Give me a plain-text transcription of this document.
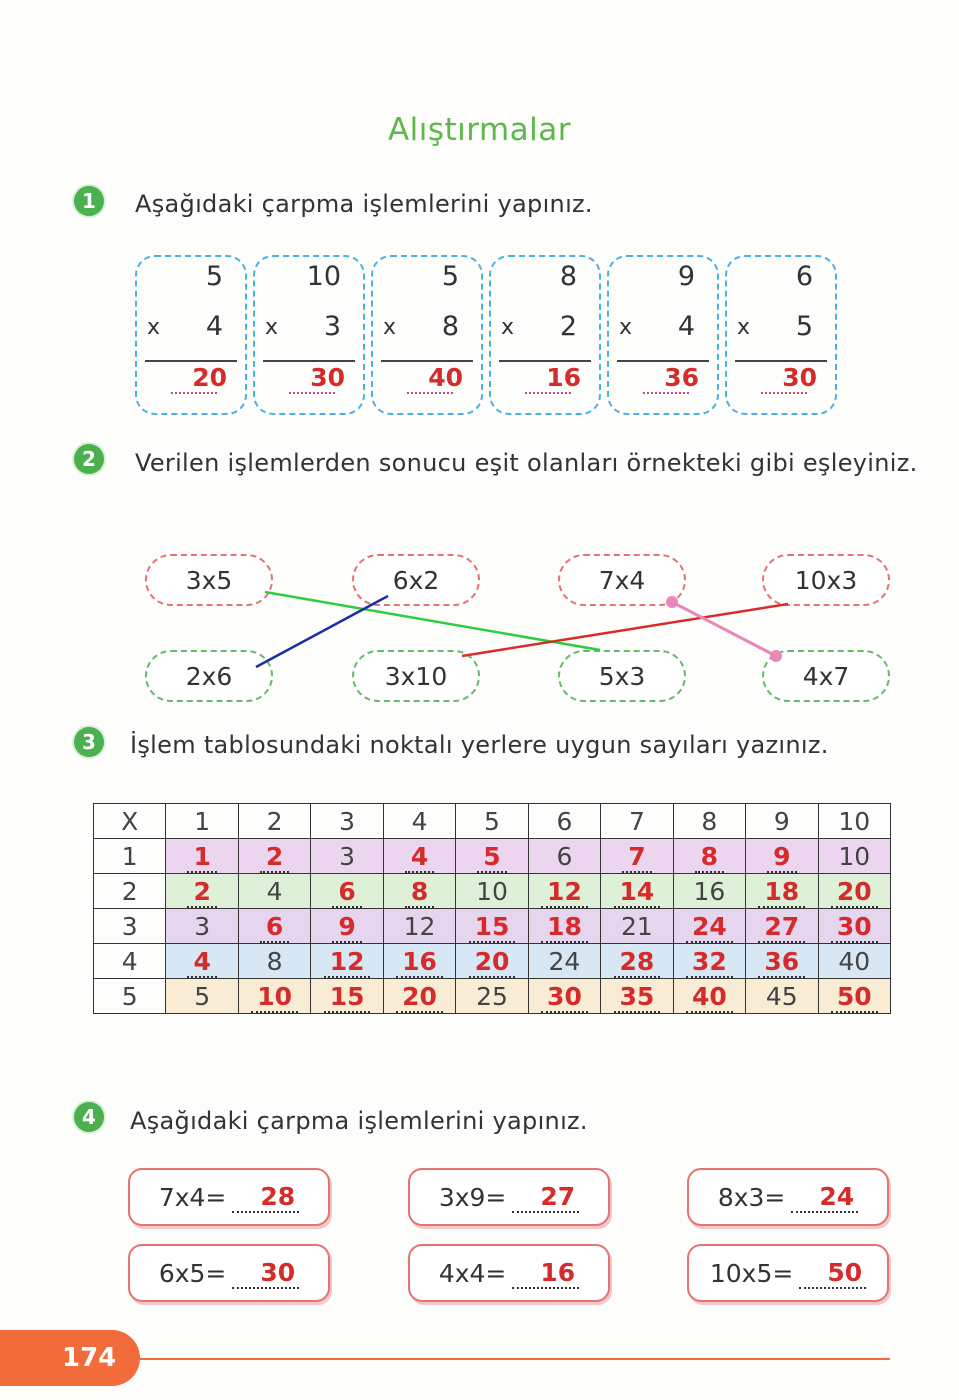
Alıştırmalar
1	Aşağıdaki çarpma işlemlerini yapınız.
5
x 4
20
10
x 3
30
5
x 8
40
8
x 2
16
9
x 4
36
6
x 5
30
2	Verilen işlemlerden sonucu eşit olanları örnekteki gibi eşleyiniz.
3x5	6x2	7x4	10x3
2x6	3x10	5x3	4x7
3	İşlem tablosundaki noktalı yerlere uygun sayıları yazınız.
X	1	2	3	4	5	6	7	8	9	10
1	1	2	3	4	5	6	7	8	9	10
2	2	4	6	8	10	12	14	16	18	20
3	3	6	9	12	15	18	21	24	27	30
4	4	8	12	16	20	24	28	32	36	40
5	5	10	15	20	25	30	35	40	45	50
4	Aşağıdaki çarpma işlemlerini yapınız.
7x4=	28	3x9=	27	8x3=	24
6x5=	30	4x4=	16	10x5=	50
174
